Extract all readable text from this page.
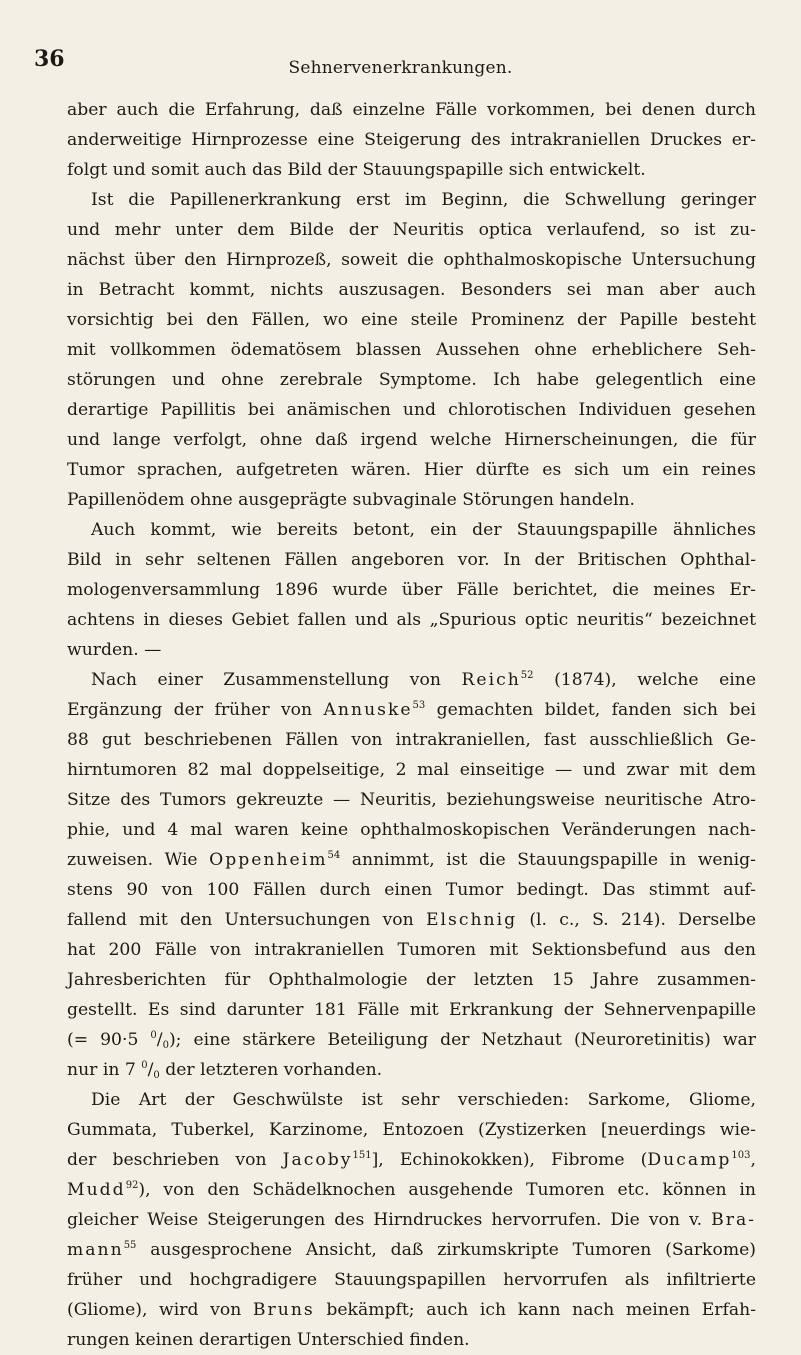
36	Sehnervenerkrankungen.
aber auch die Erfahrung, daß einzelne Fälle vorkommen, bei denen durch
anderweitige Hirnprozesse eine Steigerung des intrakraniellen Druckes er-
folgt und somit auch das Bild der Stauungspapille sich entwickelt.
Ist die Papillenerkrankung erst im Beginn, die Schwellung geringer
und mehr unter dem Bilde der Neuritis optica verlaufend, so ist zu-
nächst über den Hirnprozeß, soweit die ophthalmoskopische Untersuchung
in Betracht kommt, nichts auszusagen. Besonders sei man aber auch
vorsichtig bei den Fällen, wo eine steile Prominenz der Papille besteht
mit vollkommen ödematösem blassen Aussehen ohne erheblichere Seh-
störungen und ohne zerebrale Symptome. Ich habe gelegentlich eine
derartige Papillitis bei anämischen und chlorotischen Individuen gesehen
und lange verfolgt, ohne daß irgend welche Hirnerscheinungen, die für
Tumor sprachen, aufgetreten wären. Hier dürfte es sich um ein reines
Papillenödem ohne ausgeprägte subvaginale Störungen handeln.
Auch kommt, wie bereits betont, ein der Stauungspapille ähnliches
Bild in sehr seltenen Fällen angeboren vor. In der Britischen Ophthal-
mologenversammlung 1896 wurde über Fälle berichtet, die meines Er-
achtens in dieses Gebiet fallen und als „Spurious optic neuritis“ bezeichnet
wurden. —
Nach einer Zusammenstellung von Reich$^{52}$ (1874), welche eine
Ergänzung der früher von Annuske$^{53}$ gemachten bildet, fanden sich bei
88 gut beschriebenen Fällen von intrakraniellen, fast ausschließlich Ge-
hirntumoren 82 mal doppelseitige, 2 mal einseitige — und zwar mit dem
Sitze des Tumors gekreuzte — Neuritis, beziehungsweise neuritische Atro-
phie, und 4 mal waren keine ophthalmoskopischen Veränderungen nach-
zuweisen. Wie Oppenheim$^{54}$ annimmt, ist die Stauungspapille in wenig-
stens 90 von 100 Fällen durch einen Tumor bedingt. Das stimmt auf-
fallend mit den Untersuchungen von Elschnig (l. c., S. 214). Derselbe
hat 200 Fälle von intrakraniellen Tumoren mit Sektionsbefund aus den
Jahresberichten für Ophthalmologie der letzten 15 Jahre zusammen-
gestellt. Es sind darunter 181 Fälle mit Erkrankung der Sehnervenpapille
(= 90·5 $^0/_0$); eine stärkere Beteiligung der Netzhaut (Neuroretinitis) war
nur in 7 $^0/_0$ der letzteren vorhanden.
Die Art der Geschwülste ist sehr verschieden: Sarkome, Gliome,
Gummata, Tuberkel, Karzinome, Entozoen (Zystizerken [neuerdings wie-
der beschrieben von Jacoby$^{151}$], Echinokokken), Fibrome (Ducamp$^{103}$,
Mudd$^{92}$), von den Schädelknochen ausgehende Tumoren etc. können in
gleicher Weise Steigerungen des Hirndruckes hervorrufen. Die von v. Bra-
mann$^{55}$ ausgesprochene Ansicht, daß zirkumskripte Tumoren (Sarkome)
früher und hochgradigere Stauungspapillen hervorrufen als infiltrierte
(Gliome), wird von Bruns bekämpft; auch ich kann nach meinen Erfah-
rungen keinen derartigen Unterschied finden.
